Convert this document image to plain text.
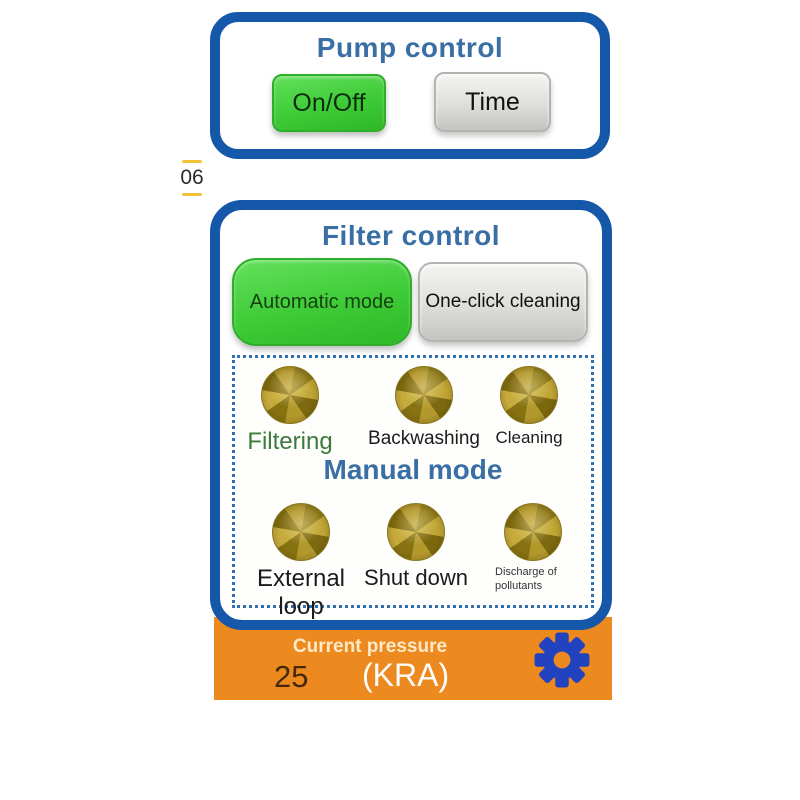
Pump control
On/Off	Time
06
Current pressure
25 (KRA)
Filter control
Automatic mode	One-click cleaning
Filtering	Backwashing Cleaning
Manual mode
External loop
Shut down	Discharge of pollutants
